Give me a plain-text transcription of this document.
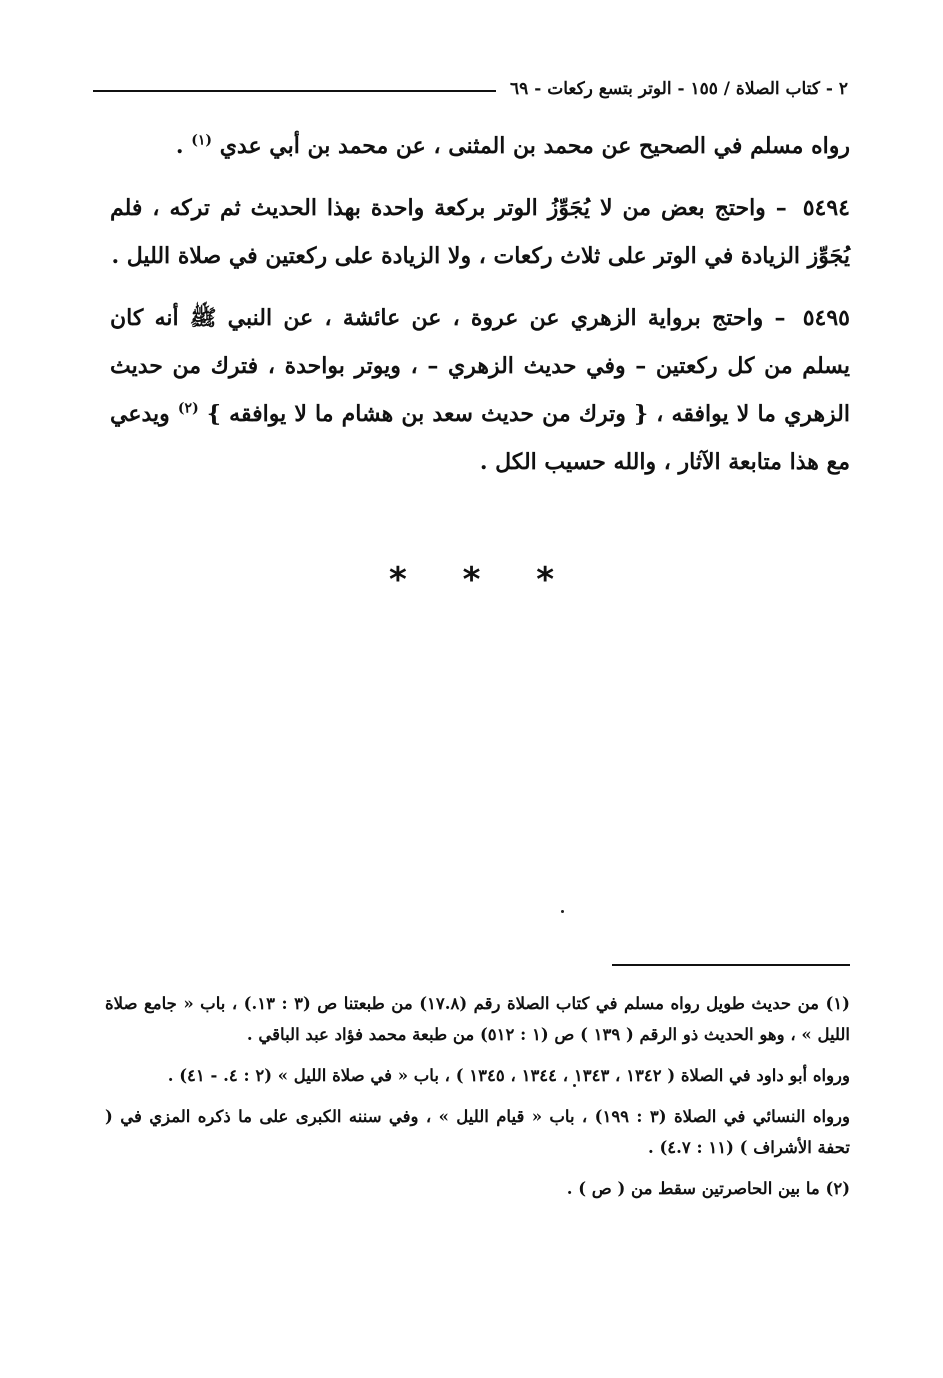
٢ - كتاب الصلاة / ١٥٥ - الوتر بتسع ركعات - ٦٩

رواه مسلم في الصحيح عن محمد بن المثنى ، عن محمد بن أبي عدي $^{(١)}$ .

٥٤٩٤ – واحتج بعض من لا يُجَوِّزُ الوتر بركعة واحدة بهذا الحديث ثم تركه ، فلم يُجَوِّز الزيادة في الوتر على ثلاث ركعات ، ولا الزيادة على ركعتين في صلاة الليل .

٥٤٩٥ – واحتج برواية الزهري عن عروة ، عن عائشة ، عن النبي ﷺ أنه كان يسلم من كل ركعتين – وفي حديث الزهري – ، ويوتر بواحدة ، فترك من حديث الزهري ما لا يوافقه ، { وترك من حديث سعد بن هشام ما لا يوافقه } $^{(٢)}$ ويدعي مع هذا متابعة الآثار ، والله حسيب الكل .

* * *

(١) من حديث طويل رواه مسلم في كتاب الصلاة رقم (١٧.٨) من طبعتنا ص (٣ : ١٣.) ، باب « جامع صلاة الليل » ، وهو الحديث ذو الرقم ( ١٣٩ ) ص (١ : ٥١٢) من طبعة محمد فؤاد عبد الباقي .

ورواه أبو داود في الصلاة ( ١٣٤٢ ، ١٣٤٣ ، ١٣٤٤ ، ١٣٤٥ ) ، باب « في صلاة الليل » (٢ : ٤. - ٤١) .

ورواه النسائي في الصلاة (٣ : ١٩٩) ، باب « قيام الليل » ، وفي سننه الكبرى على ما ذكره المزي في ( تحفة الأشراف ) (١١ : ٤.٧) .

(٢) ما بين الحاصرتين سقط من ( ص ) .
